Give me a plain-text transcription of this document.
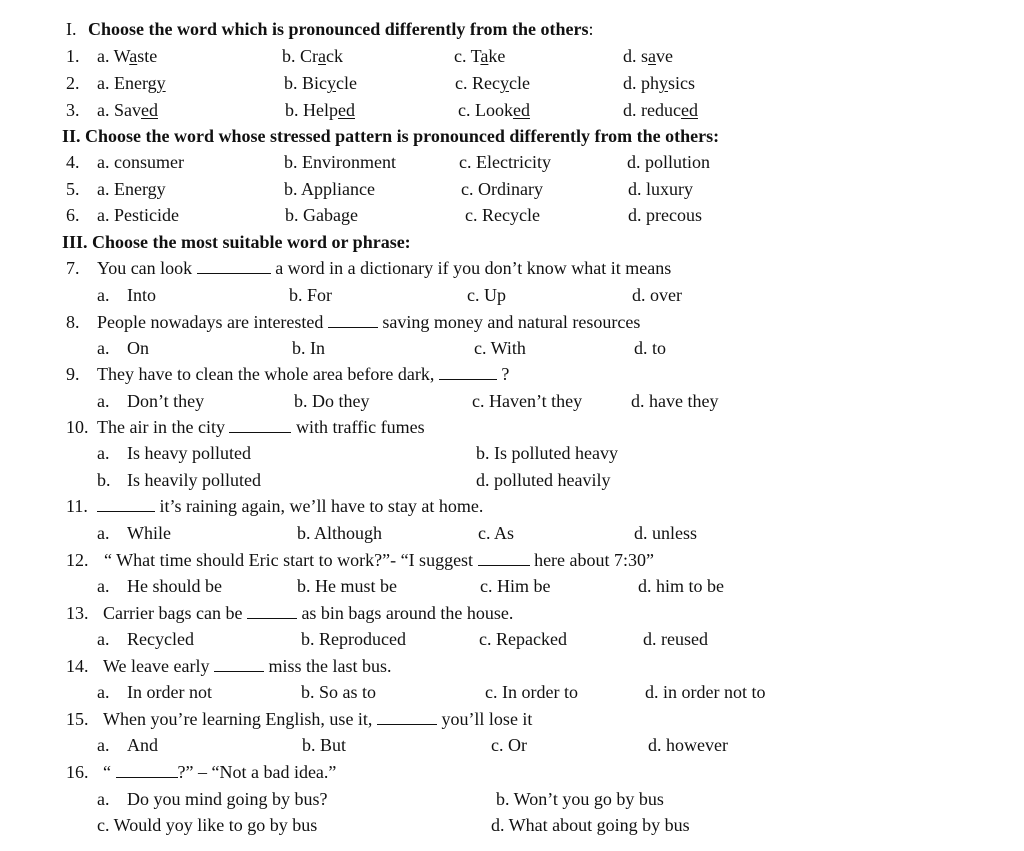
I. Choose the word which is pronounced differently from the others:
1. a. Waste	b. Crack	c. Take	d. save
2. a. Energy	b. Bicycle	c. Recycle	d. physics
3. a. Saved	b. Helped	c. Looked	d. reduced
II. Choose the word whose stressed pattern is pronounced differently from the others:
4. a. consumer	b. Environment	c. Electricity	d. pollution
5. a. Energy	b. Appliance	c. Ordinary	d. luxury
6. a. Pesticide	b. Gabage	c. Recycle	d. precous
III. Choose the most suitable word or phrase:
7. You can look	a word in a dictionary if you don’t know what it means
a. Into	b. For	c. Up	d. over
8. People nowadays are interested	saving money and natural resources
a. On	b. In	c. With	d. to
9. They have to clean the whole area before dark,	?
a. Don’t they	b. Do they	c. Haven’t they	d. have they
10. The air in the city	with traffic fumes
a. Is heavy polluted	b. Is polluted heavy
b. Is heavily polluted	d. polluted heavily
11.	it’s raining again, we’ll have to stay at home.
a. While	b. Although	c. As	d. unless
12. “ What time should Eric start to work?”- “I suggest	here about 7:30”
a. He should be	b. He must be	c. Him be	d. him to be
13. Carrier bags can be	as bin bags around the house.
a. Recycled	b. Reproduced	c. Repacked	d. reused
14. We leave early	miss the last bus.
a. In order not	b. So as to	c. In order to	d. in order not to
15. When you’re learning English, use it,	you’ll lose it
a. And	b. But	c. Or	d. however
16. “	?” – “Not a bad idea.”
a. Do you mind going by bus?	b. Won’t you go by bus
c. Would yoy like to go by bus	d. What about going by bus
